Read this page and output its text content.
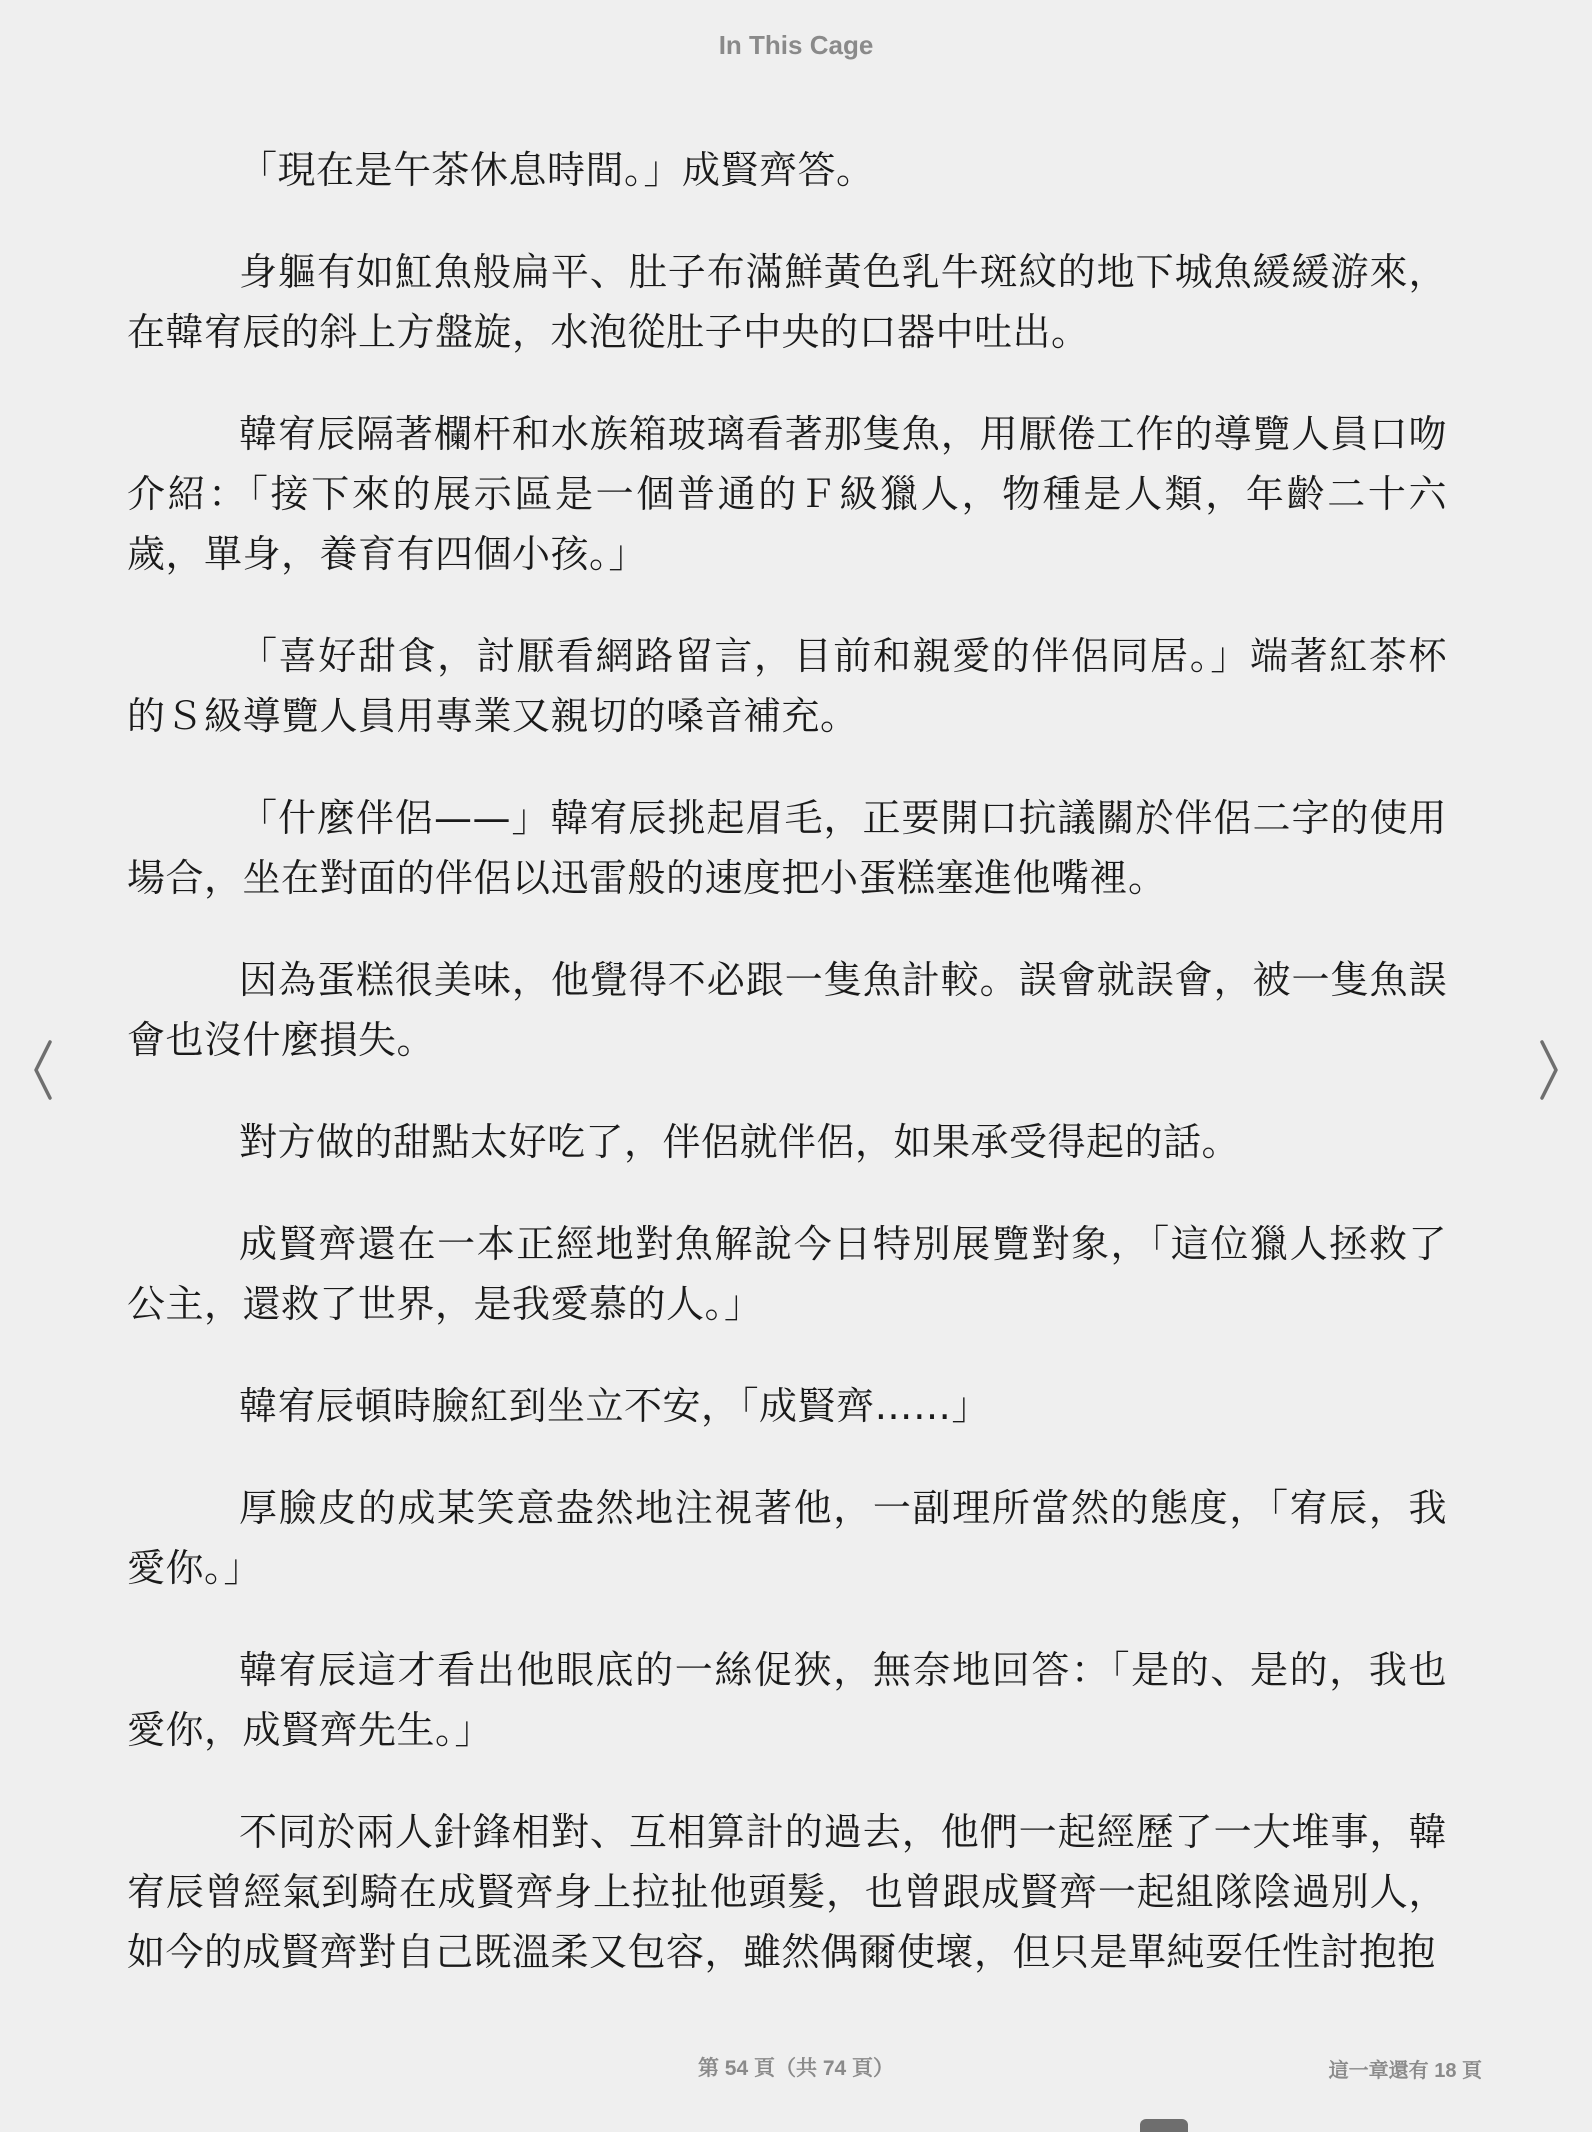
In This Cage

「現在是午茶休息時間。」成賢齊答。

身軀有如魟魚般扁平、肚子布滿鮮黃色乳牛斑紋的地下城魚緩緩游來，在韓宥辰的斜上方盤旋，水泡從肚子中央的口器中吐出。

韓宥辰隔著欄杆和水族箱玻璃看著那隻魚，用厭倦工作的導覽人員口吻介紹：「接下來的展示區是一個普通的Ｆ級獵人，物種是人類，年齡二十六歲，單身，養育有四個小孩。」

「喜好甜食，討厭看網路留言，目前和親愛的伴侶同居。」端著紅茶杯的Ｓ級導覽人員用專業又親切的嗓音補充。

「什麼伴侶——」韓宥辰挑起眉毛，正要開口抗議關於伴侶二字的使用場合，坐在對面的伴侶以迅雷般的速度把小蛋糕塞進他嘴裡。

因為蛋糕很美味，他覺得不必跟一隻魚計較。誤會就誤會，被一隻魚誤會也沒什麼損失。

對方做的甜點太好吃了，伴侶就伴侶，如果承受得起的話。

成賢齊還在一本正經地對魚解說今日特別展覽對象，「這位獵人拯救了公主，還救了世界，是我愛慕的人。」

韓宥辰頓時臉紅到坐立不安，「成賢齊……」

厚臉皮的成某笑意盎然地注視著他，一副理所當然的態度，「宥辰，我愛你。」

韓宥辰這才看出他眼底的一絲促狹，無奈地回答：「是的、是的，我也愛你，成賢齊先生。」

不同於兩人針鋒相對、互相算計的過去，他們一起經歷了一大堆事，韓宥辰曾經氣到騎在成賢齊身上拉扯他頭髮，也曾跟成賢齊一起組隊陰過別人，如今的成賢齊對自己既溫柔又包容，雖然偶爾使壞，但只是單純耍任性討抱抱

第 54 頁（共 74 頁）	這一章還有 18 頁
